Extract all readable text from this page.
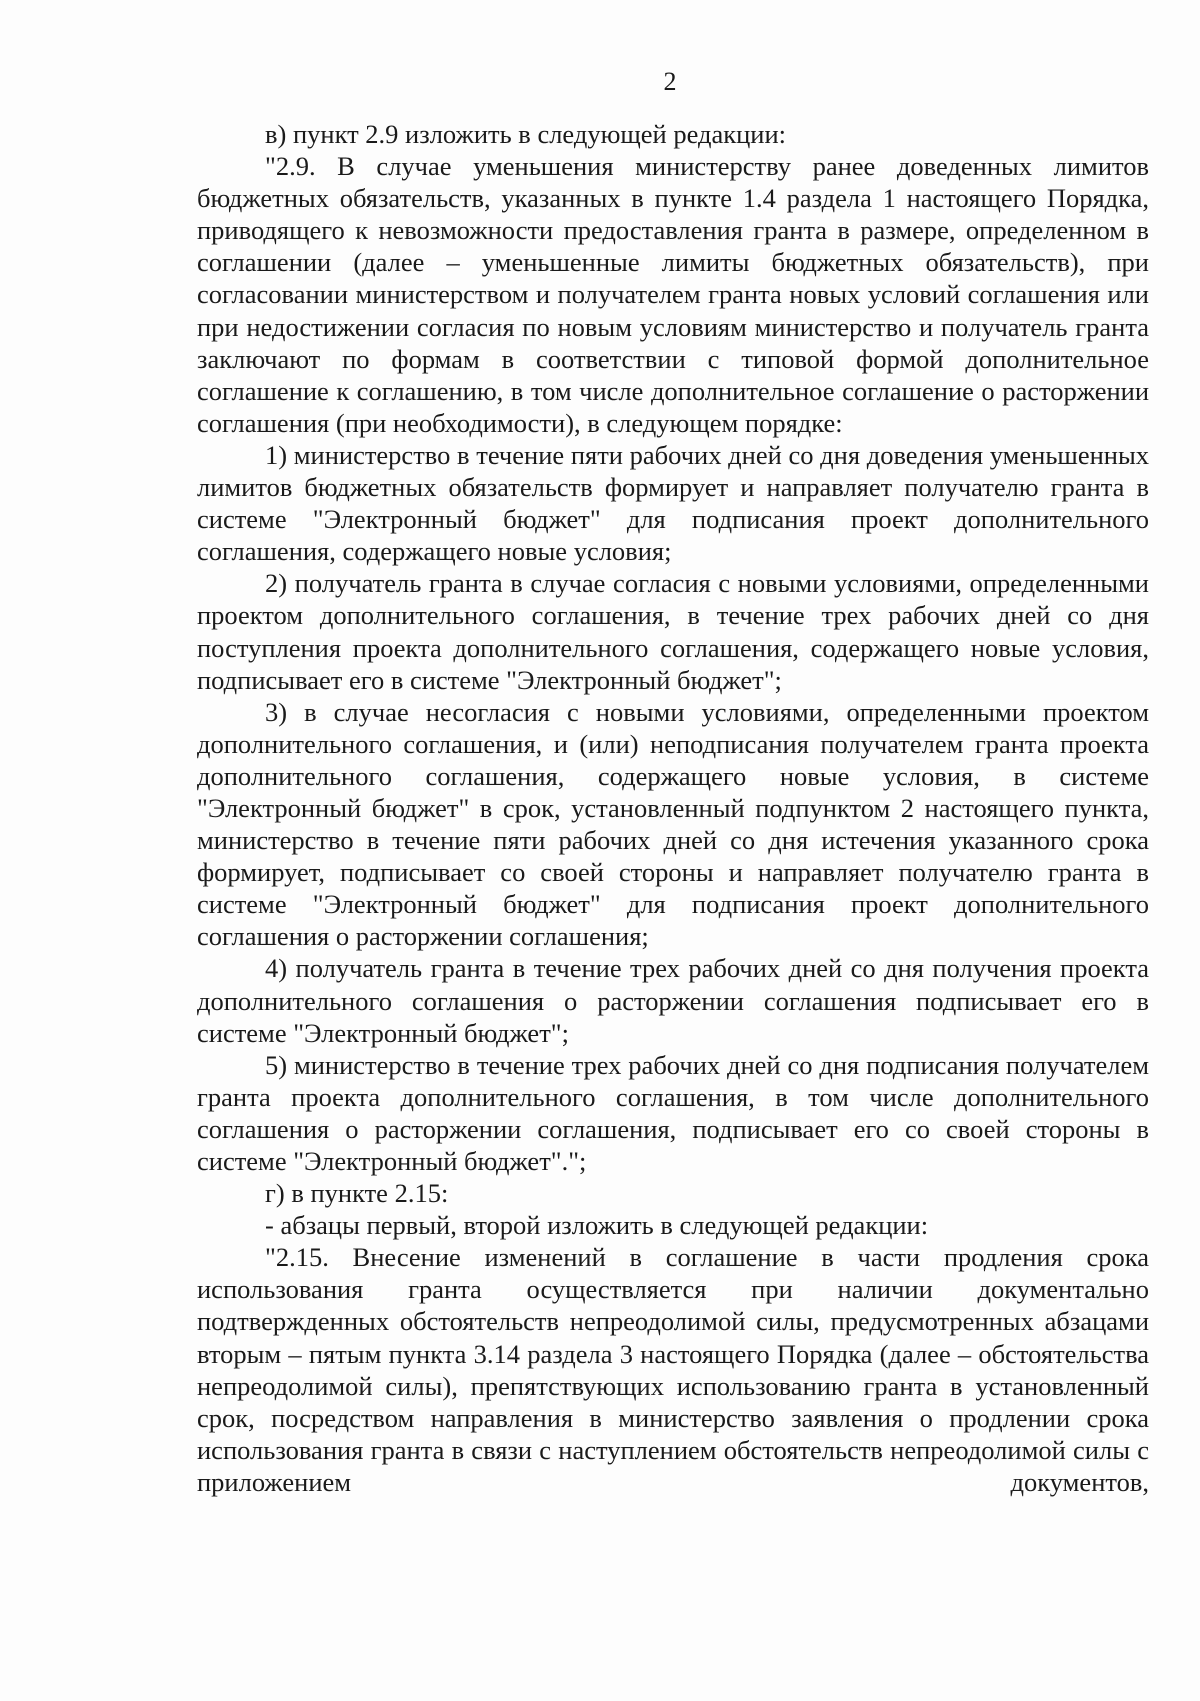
2

в) пункт 2.9 изложить в следующей редакции:

"2.9. В случае уменьшения министерству ранее доведенных лимитов бюджетных обязательств, указанных в пункте 1.4 раздела 1 настоящего Порядка, приводящего к невозможности предоставления гранта в размере, определенном в соглашении (далее – уменьшенные лимиты бюджетных обязательств), при согласовании министерством и получателем гранта новых условий соглашения или при недостижении согласия по новым условиям министерство и получатель гранта заключают по формам в соответствии с типовой формой дополнительное соглашение к соглашению, в том числе дополнительное соглашение о расторжении соглашения (при необходимости), в следующем порядке:

1) министерство в течение пяти рабочих дней со дня доведения уменьшенных лимитов бюджетных обязательств формирует и направляет получателю гранта в системе "Электронный бюджет" для подписания проект дополнительного соглашения, содержащего новые условия;

2) получатель гранта в случае согласия с новыми условиями, определенными проектом дополнительного соглашения, в течение трех рабочих дней со дня поступления проекта дополнительного соглашения, содержащего новые условия, подписывает его в системе "Электронный бюджет";

3) в случае несогласия с новыми условиями, определенными проектом дополнительного соглашения, и (или) неподписания получателем гранта проекта дополнительного соглашения, содержащего новые условия, в системе "Электронный бюджет" в срок, установленный подпунктом 2 настоящего пункта, министерство в течение пяти рабочих дней со дня истечения указанного срока формирует, подписывает со своей стороны и направляет получателю гранта в системе "Электронный бюджет" для подписания проект дополнительного соглашения о расторжении соглашения;

4) получатель гранта в течение трех рабочих дней со дня получения проекта дополнительного соглашения о расторжении соглашения подписывает его в системе "Электронный бюджет";

5) министерство в течение трех рабочих дней со дня подписания получателем гранта проекта дополнительного соглашения, в том числе дополнительного соглашения о расторжении соглашения, подписывает его со своей стороны в системе "Электронный бюджет".";

г) в пункте 2.15:

- абзацы первый, второй изложить в следующей редакции:

"2.15. Внесение изменений в соглашение в части продления срока использования гранта осуществляется при наличии документально подтвержденных обстоятельств непреодолимой силы, предусмотренных абзацами вторым – пятым пункта 3.14 раздела 3 настоящего Порядка (далее – обстоятельства непреодолимой силы), препятствующих использованию гранта в установленный срок, посредством направления в министерство заявления о продлении срока использования гранта в связи с наступлением обстоятельств непреодолимой силы с приложением документов,
